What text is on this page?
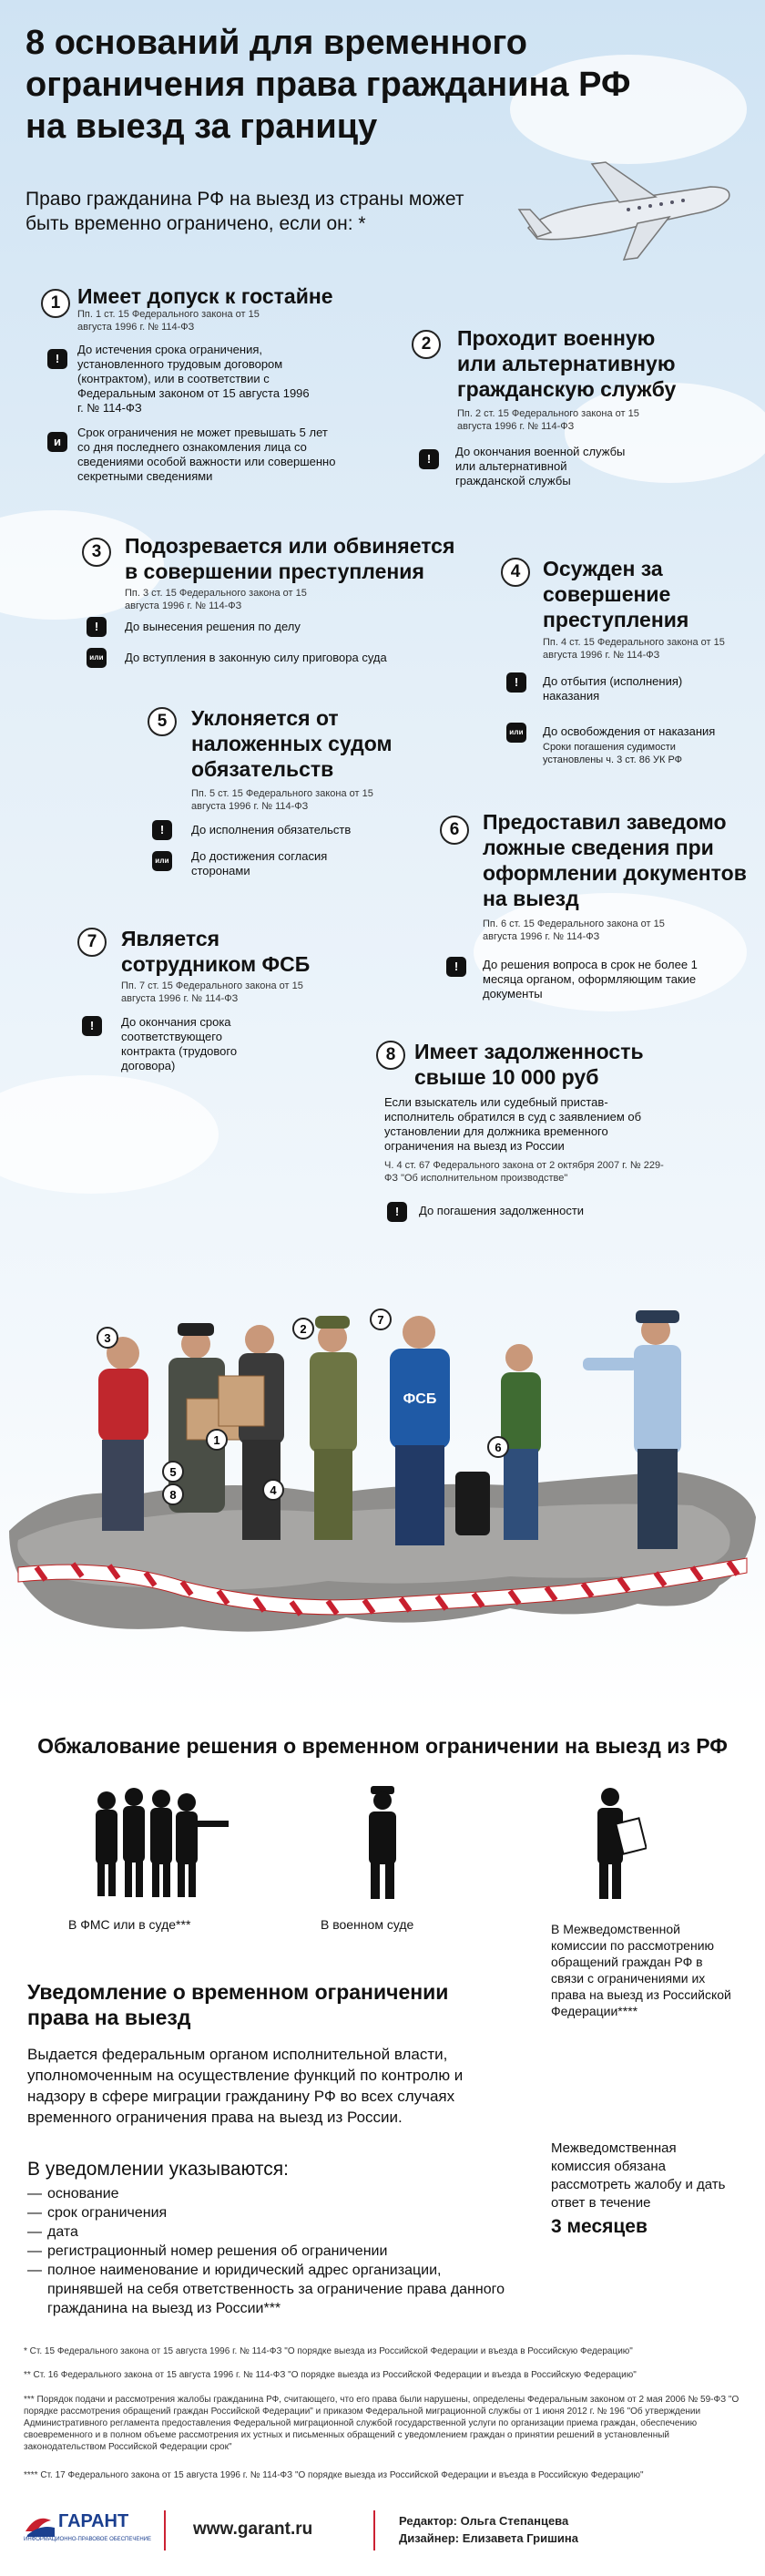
8 оснований для временного ограничения права гражданина РФ на выезд за границу
Право гражданина РФ на выезд из страны может быть временно ограничено, если он: *
1 Имеет допуск к гостайне
Пп. 1 ст. 15 Федерального закона от 15 августа 1996 г. № 114-ФЗ
!
До истечения срока ограничения, установленного трудовым договором (контрактом), или в соответствии с Федеральным законом от 15 августа 1996 г. № 114-ФЗ
и
Срок ограничения не может превышать 5 лет со дня последнего ознакомления лица со сведениями особой важности или совершенно секретными сведениями
2	Проходит военную или альтернативную гражданскую службу
Пп. 2 ст. 15 Федерального закона от 15 августа 1996 г. № 114-ФЗ
!
До окончания военной службы или альтернативной гражданской службы
3	Подозревается или обвиняется в совершении преступления
Пп. 3 ст. 15 Федерального закона от 15 августа 1996 г. № 114-ФЗ
!	До вынесения решения по делу
или До вступления в законную силу приговора суда
4	Осужден за совершение преступления
Пп. 4 ст. 15 Федерального закона от 15 августа 1996 г. № 114-ФЗ
!	До отбытия (исполнения) наказания
или До освобождения от наказания
Сроки погашения судимости установлены ч. 3 ст. 86 УК РФ
5	Уклоняется от наложенных судом обязательств
Пп. 5 ст. 15 Федерального закона от 15 августа 1996 г. № 114-ФЗ
!	До исполнения обязательств
или До достижения согласия сторонами
6	Предоставил заведомо ложные сведения при оформлении документов на выезд
Пп. 6 ст. 15 Федерального закона от 15 августа 1996 г. № 114-ФЗ
!	До решения вопроса в срок не более 1 месяца органом, оформляющим такие документы
7	Является сотрудником ФСБ
Пп. 7 ст. 15 Федерального закона от 15 августа 1996 г. № 114-ФЗ
!	До окончания срока соответствующего контракта (трудового договора)
8 Имеет задолженность свыше 10 000 руб
Если взыскатель или судебный пристав-исполнитель обратился в суд с заявлением об установлении для должника временного ограничения на выезд из России
Ч. 4 ст. 67 Федерального закона от 2 октября 2007 г. № 229-ФЗ "Об исполнительном производстве"
!	До погашения задолженности
ФСБ
3
1
5
8
2
7
4
6
Обжалование решения о временном ограничении на выезд из РФ
В ФМС или в суде***	В военном суде	В Межведомственной комиссии по рассмотрению обращений граждан РФ в связи с ограничениями их права на выезд из Российской Федерации****
Межведомственная комиссия обязана рассмотреть жалобу и дать ответ в течение
3 месяцев
Уведомление о временном ограничении права на выезд
Выдается федеральным органом исполнительной власти, уполномоченным на осуществление функций по контролю и надзору в сфере миграции гражданину РФ во всех случаях временного ограничения права на выезд из России.
В уведомлении указываются:
— основание
— срок ограничения
— дата
— регистрационный номер решения об ограничении
— полное наименование и юридический адрес организации, принявшей на себя ответственность за ограничение права данного гражданина на выезд из России***
* Ст. 15 Федерального закона от 15 августа 1996 г. № 114-ФЗ "О порядке выезда из Российской Федерации и въезда в Российскую Федерацию"
** Ст. 16 Федерального закона от 15 августа 1996 г. № 114-ФЗ "О порядке выезда из Российской Федерации и въезда в Российскую Федерацию"
*** Порядок подачи и рассмотрения жалобы гражданина РФ, считающего, что его права были нарушены, определены Федеральным законом от 2 мая 2006 № 59-ФЗ "О порядке рассмотрения обращений граждан Российской Федерации" и приказом Федеральной миграционной службы от 1 июня 2012 г. № 196 "Об утверждении Административного регламента предоставления Федеральной миграционной службой государственной услуги по организации приема граждан, обеспечению своевременного и в полном объеме рассмотрения их устных и письменных обращений с уведомлением граждан о принятии решений в установленный законодательством Российской Федерации срок"
**** Ст. 17 Федерального закона от 15 августа 1996 г. № 114-ФЗ "О порядке выезда из Российской Федерации и въезда в Российскую Федерацию"
ГАРАНТ
ИНФОРМАЦИОННО-ПРАВОВОЕ ОБЕСПЕЧЕНИЕ
www.garant.ru	Редактор: Ольга Степанцева
Дизайнер: Елизавета Гришина
